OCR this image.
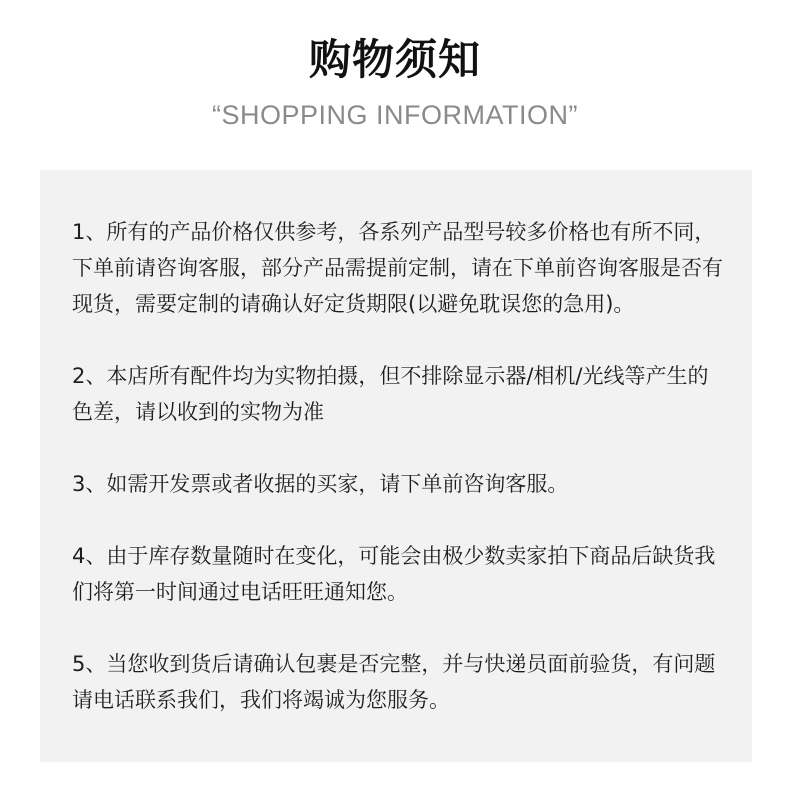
购物须知
“SHOPPING INFORMATION”

1、所有的产品价格仅供参考，各系列产品型号较多价格也有所不同，下单前请咨询客服，部分产品需提前定制，请在下单前咨询客服是否有现货，需要定制的请确认好定货期限(以避免耽误您的急用)。

2、本店所有配件均为实物拍摄，但不排除显示器/相机/光线等产生的色差，请以收到的实物为准

3、如需开发票或者收据的买家，请下单前咨询客服。

4、由于库存数量随时在变化，可能会由极少数卖家拍下商品后缺货我们将第一时间通过电话旺旺通知您。

5、当您收到货后请确认包裹是否完整，并与快递员面前验货，有问题请电话联系我们，我们将竭诚为您服务。
